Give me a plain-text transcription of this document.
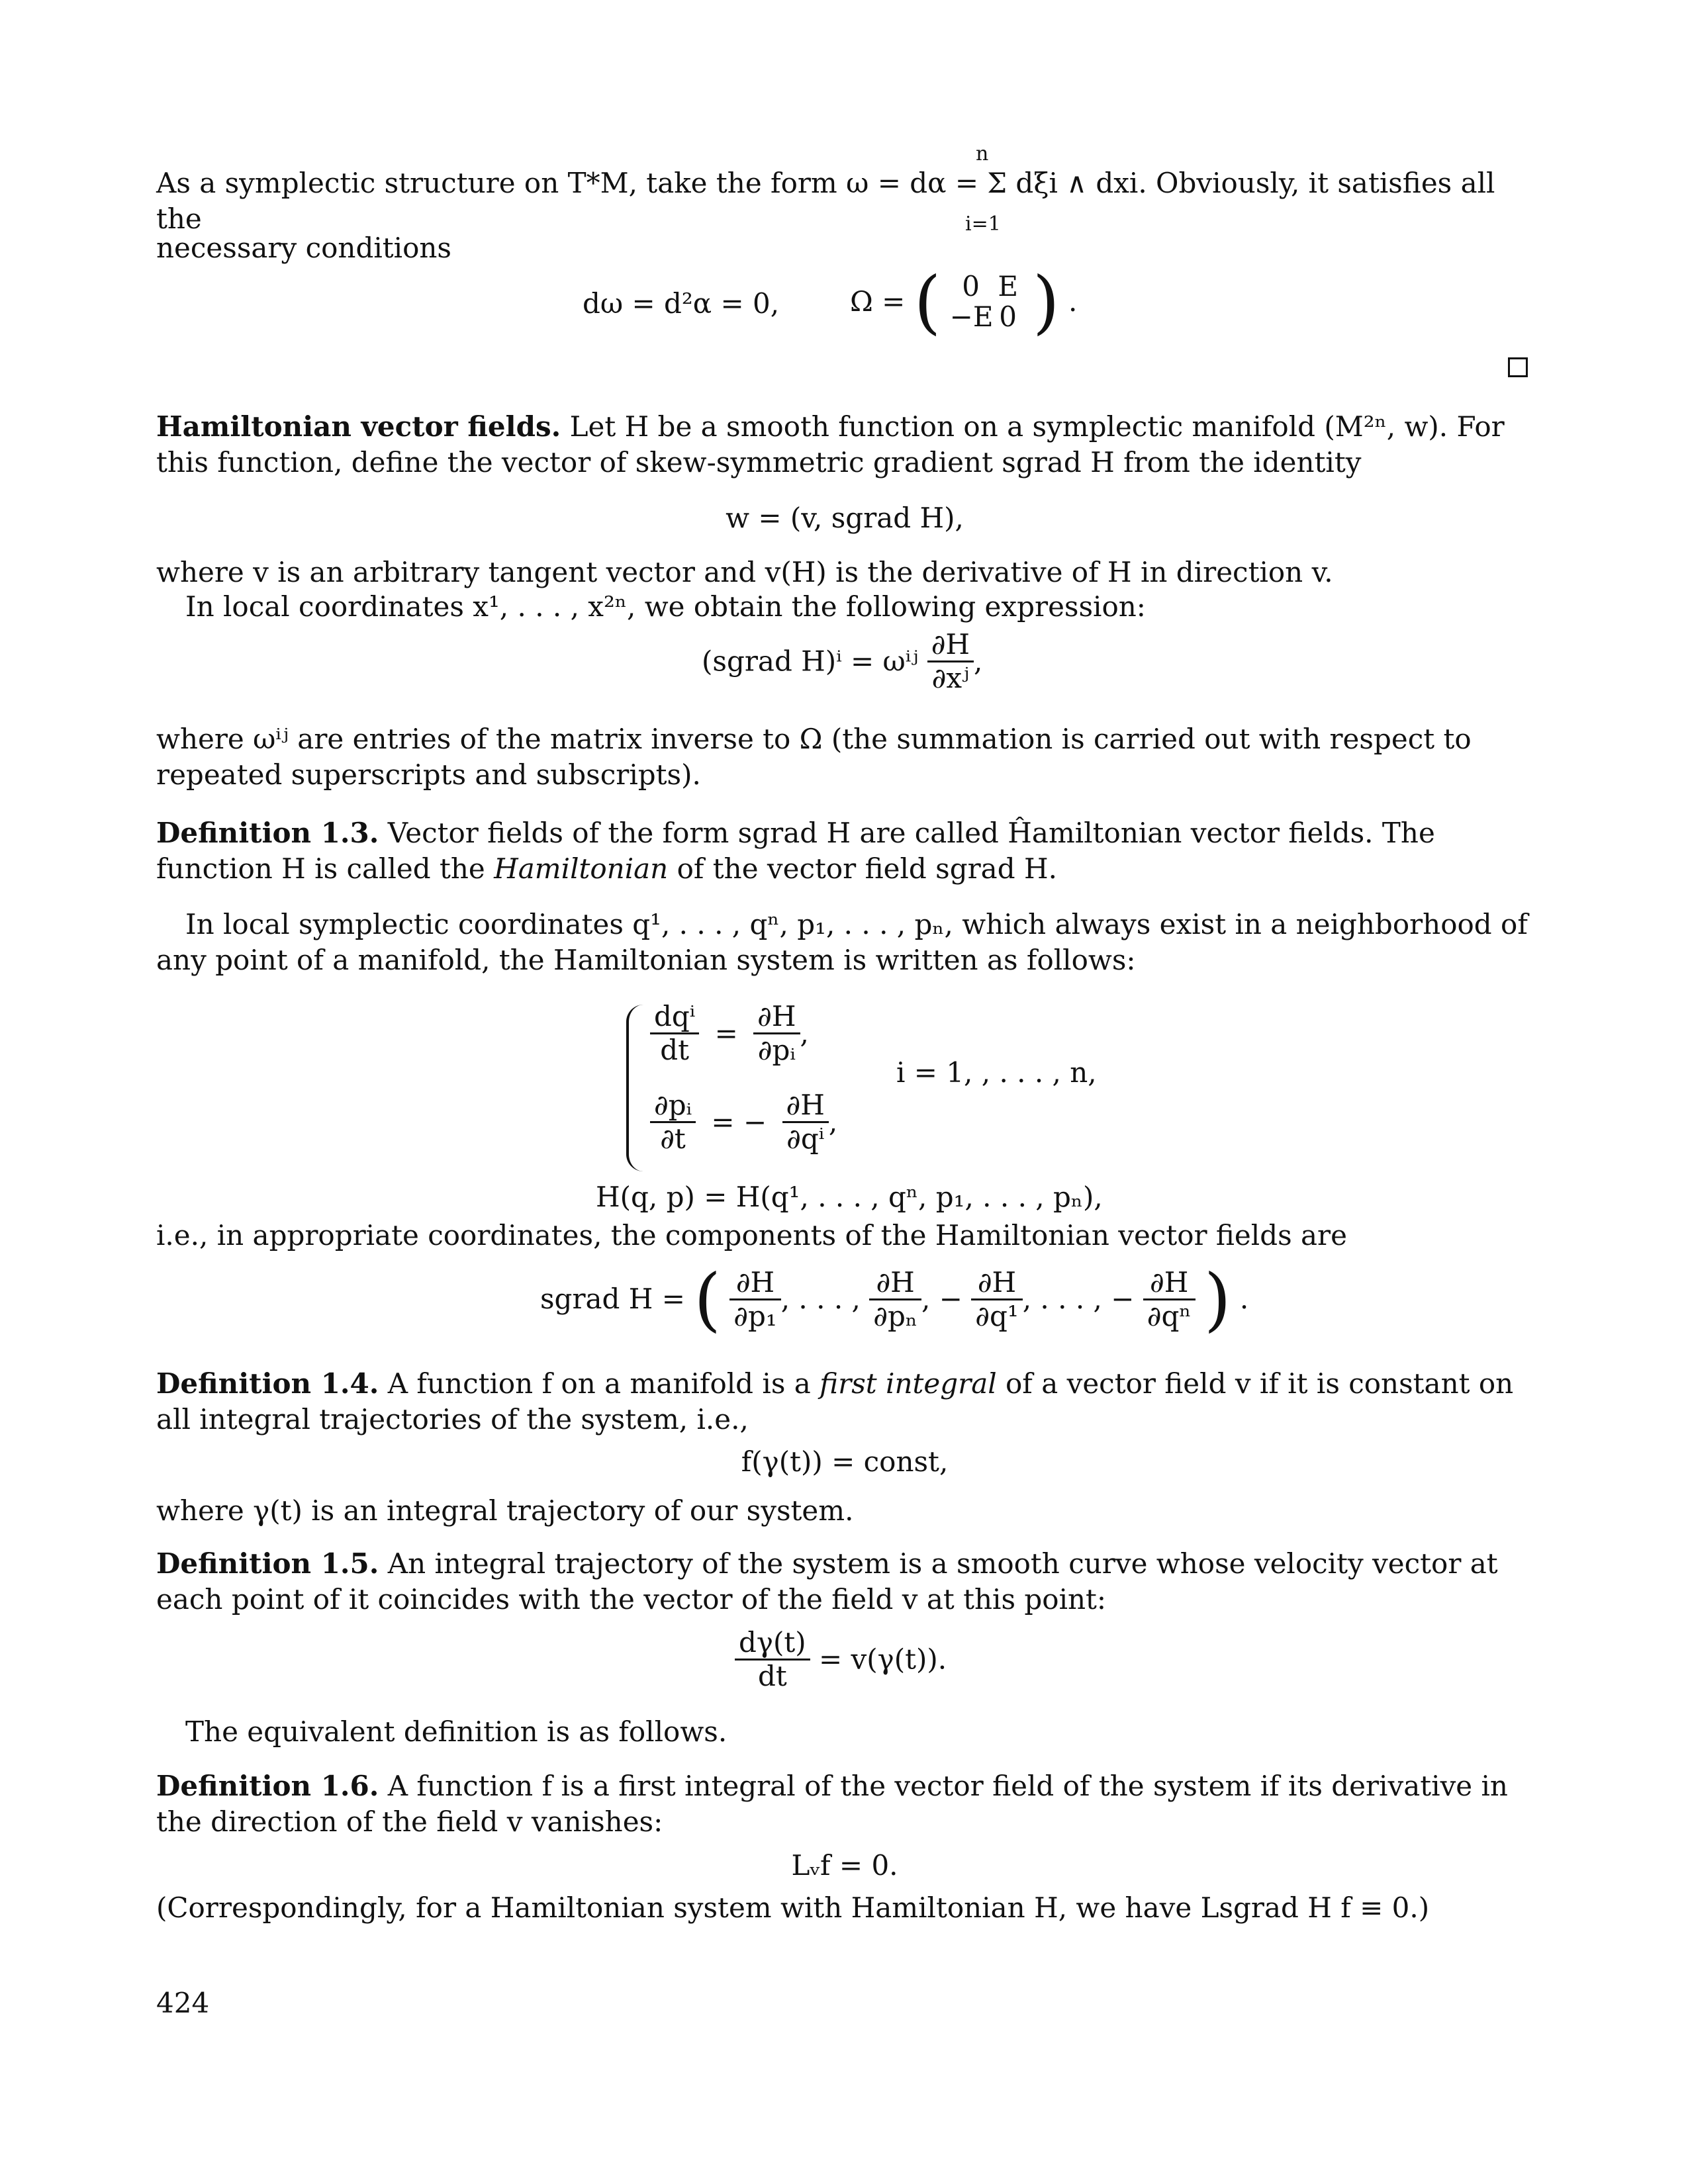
n
As a symplectic structure on T*M, take the form ω = dα = Σ dξi ∧ dxi. Obviously, it satisfies all the	i=1
necessary conditions
dω = d²α = 0,	Ω = ( 0 E
−E 0 ) .
Hamiltonian vector fields. Let H be a smooth function on a symplectic manifold (M²ⁿ, w). For this function, define the vector of skew-symmetric gradient sgrad H from the identity
w = (v, sgrad H),
where v is an arbitrary tangent vector and v(H) is the derivative of H in direction v.
In local coordinates x¹, . . . , x²ⁿ, we obtain the following expression:
(sgrad H)ⁱ = ωⁱʲ $\frac{\partial H}{\text{∂xʲ}}$ ,
where ωⁱʲ are entries of the matrix inverse to Ω (the summation is carried out with respect to repeated superscripts and subscripts).
Definition 1.3. Vector fields of the form sgrad H are called Ĥamiltonian vector fields. The function H is called the Hamiltonian of the vector field sgrad H.
In local symplectic coordinates q¹, . . . , qⁿ, p₁, . . . , pₙ, which always exist in a neighborhood of any point of a manifold, the Hamiltonian system is written as follows:
$\frac{\text{dqⁱ}}{dt} = \frac{\partial H}{\text{∂pᵢ}}$ ,
$\frac{\text{∂pᵢ}}{\partial t}$ = − $\frac{\partial H}{\text{∂qⁱ}}$ ,
i = 1, , . . . , n,
H(q, p) = H(q¹, . . . , qⁿ, p₁, . . . , pₙ),
i.e., in appropriate coordinates, the components of the Hamiltonian vector fields are
sgrad H = ( $\frac{\partial H}{\text{∂p₁}}$ , . . . , $\frac{\partial H}{\text{∂pₙ}}$ , − $\frac{\partial H}{\text{∂q¹}}$ , . . . , − $\frac{\partial H}{\text{∂qⁿ}}$ ) .
Definition 1.4. A function f on a manifold is a first integral of a vector field v if it is constant on all integral trajectories of the system, i.e.,
f(γ(t)) = const,
where γ(t) is an integral trajectory of our system.
Definition 1.5. An integral trajectory of the system is a smooth curve whose velocity vector at each point of it coincides with the vector of the field v at this point:
$\frac{d\gamma(t)}{dt} = v(\gamma(t))$.
The equivalent definition is as follows.
Definition 1.6. A function f is a first integral of the vector field of the system if its derivative in the direction of the field v vanishes:
Lᵥf = 0.
(Correspondingly, for a Hamiltonian system with Hamiltonian H, we have Lsgrad H f ≡ 0.)
424
